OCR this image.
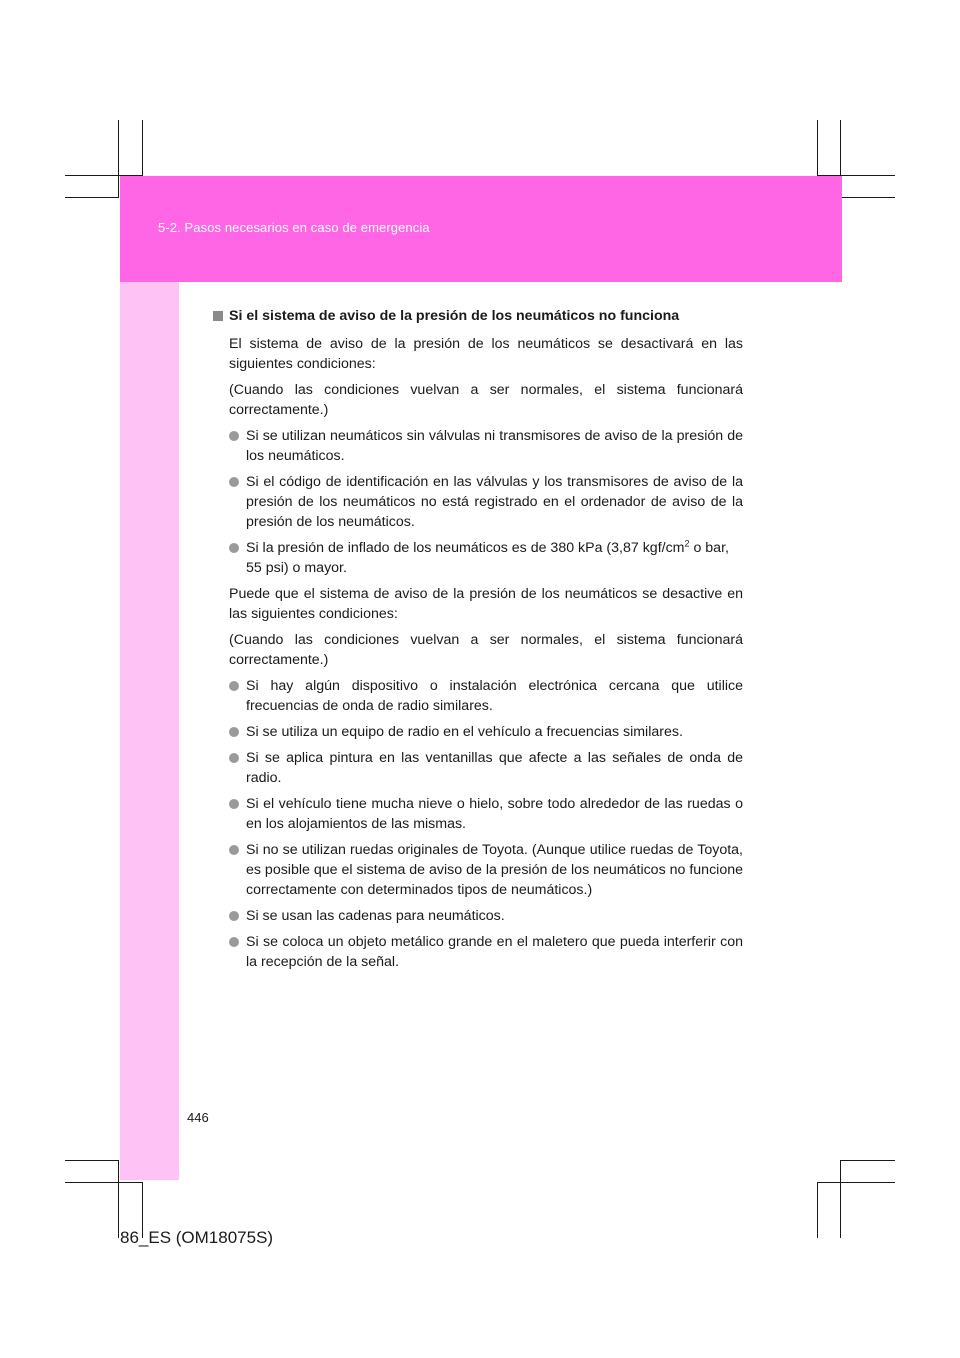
5-2. Pasos necesarios en caso de emergencia
Si el sistema de aviso de la presión de los neumáticos no funciona
El sistema de aviso de la presión de los neumáticos se desactivará en las siguientes condiciones:
(Cuando las condiciones vuelvan a ser normales, el sistema funcionará correctamente.)
Si se utilizan neumáticos sin válvulas ni transmisores de aviso de la presión de los neumáticos.
Si el código de identificación en las válvulas y los transmisores de aviso de la presión de los neumáticos no está registrado en el ordenador de aviso de la presión de los neumáticos.
Si la presión de inflado de los neumáticos es de 380 kPa (3,87 kgf/$cm^2$ o bar, 55 psi) o mayor.
Puede que el sistema de aviso de la presión de los neumáticos se desactive en las siguientes condiciones:
(Cuando las condiciones vuelvan a ser normales, el sistema funcionará correctamente.)
Si hay algún dispositivo o instalación electrónica cercana que utilice frecuencias de onda de radio similares.
Si se utiliza un equipo de radio en el vehículo a frecuencias similares.
Si se aplica pintura en las ventanillas que afecte a las señales de onda de radio.
Si el vehículo tiene mucha nieve o hielo, sobre todo alrededor de las ruedas o en los alojamientos de las mismas.
Si no se utilizan ruedas originales de Toyota. (Aunque utilice ruedas de Toyota, es posible que el sistema de aviso de la presión de los neumáticos no funcione correctamente con determinados tipos de neumáticos.)
Si se usan las cadenas para neumáticos.
Si se coloca un objeto metálico grande en el maletero que pueda interferir con la recepción de la señal.
446
86_ES (OM18075S)
